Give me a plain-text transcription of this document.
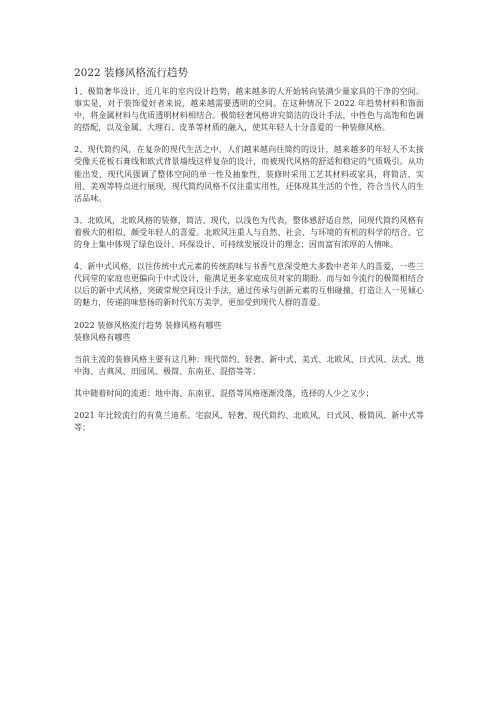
2022 装修风格流行趋势

1、极简奢华设计，近几年的室内设计趋势，越来越多的人开始转向装满少量家具的干净的空间。事实是，对于装饰爱好者来说，越来越需要透明的空间。在这种情况下 2022 年趋势材料和饰面中，将金属材料与优质透明材料相结合。极简轻奢风格讲究简洁的设计手法，中性色与高饱和色调的搭配，以及金属、大理石、皮革等材质的融入，使其年轻人十分喜爱的一种装修风格。

2、现代简约风，在复杂的现代生活之中，人们越来越向往简约的设计，越来越多的年轻人不太接受像天花板石膏线和欧式背景墙线这样复杂的设计，而被现代风格的舒适和稳定的气质吸引。从功能出发，现代风强调了整体空间的单一性及抽象性，装修时采用工艺其材料或家具，将简洁、实用、美观等特点进行展现，现代简约风格不仅注重实用性，还体现其生活的个性，符合当代人的生活品味。

3、北欧风，北欧风格的装修，简洁、现代，以浅色为代表，整体感舒适自然，同现代简约风格有着极大的相似，颇受年轻人的喜爱。北欧风注重人与自然、社会、与环境的有机的科学的结合，它的身上集中体现了绿色设计、环保设计、可持续发展设计的理念；因而富有浓厚的人情味。

4、新中式风格，以往传统中式元素的传统韵味与书香气息深受绝大多数中老年人的喜爱，一些三代同堂的家庭也更偏向于中式设计，能满足更多家庭成员对家的期盼。而与如今流行的极简相结合以后的新中式风格，突破常规空间设计手法，通过传承与创新元素的互相碰撞，打造让人一见倾心的魅力，传递韵味悠扬的新时代东方美学，更加受到现代人群的喜爱。

2022 装修风格流行趋势 装修风格有哪些

装修风格有哪些

当前主流的装修风格主要有这几种：现代简约、轻奢、新中式、美式、北欧风、日式风、法式、地中海、古典风、田园风、极简、东南亚、混搭等等；

其中随着时间的流逝：地中海、东南亚、混搭等风格逐渐没落，选择的人少之又少；

2021 年比较流行的有莫兰迪系、宅寂风、轻奢、现代简约、北欧风、日式风、极简风、新中式等等；
